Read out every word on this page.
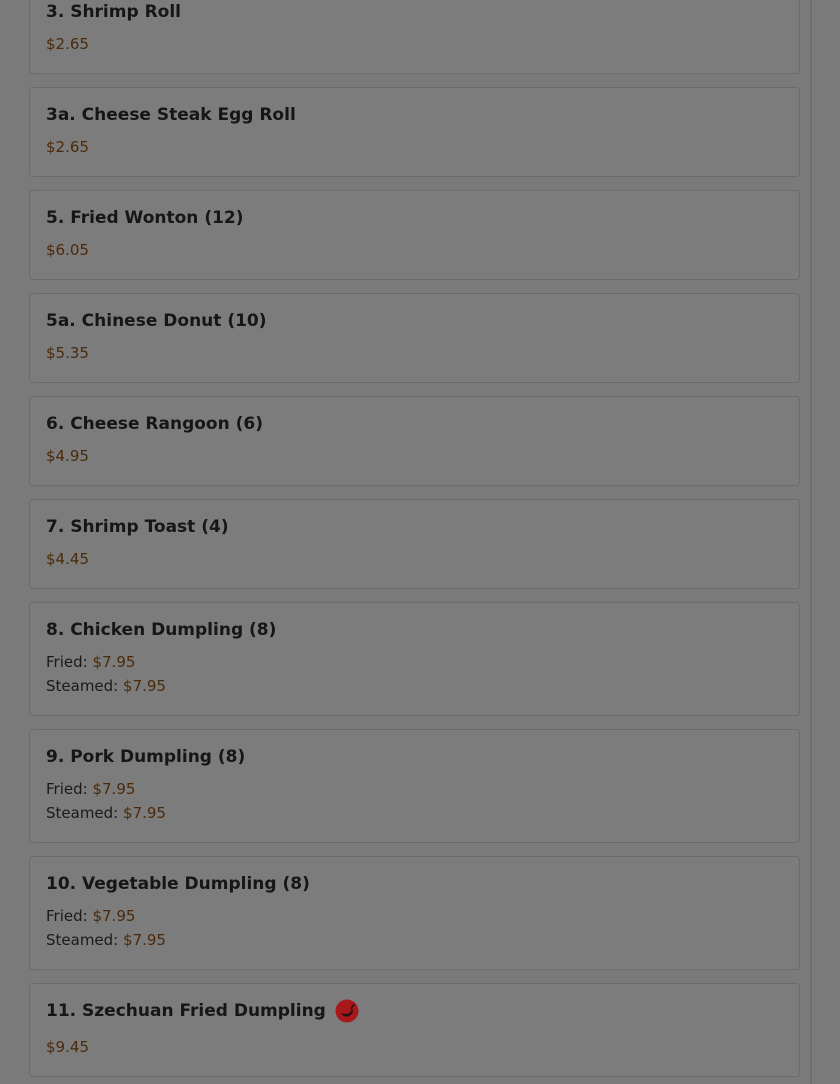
3. Shrimp Roll
$2.65
3a. Cheese Steak Egg Roll
$2.65
5. Fried Wonton (12)
$6.05
5a. Chinese Donut (10)
$5.35
6. Cheese Rangoon (6)
$4.95
7. Shrimp Toast (4)
$4.45
8. Chicken Dumpling (8)
Fried: $7.95
Steamed: $7.95
9. Pork Dumpling (8)
Fried: $7.95
Steamed: $7.95
10. Vegetable Dumpling (8)
Fried: $7.95
Steamed: $7.95
11. Szechuan Fried Dumpling
$9.45
